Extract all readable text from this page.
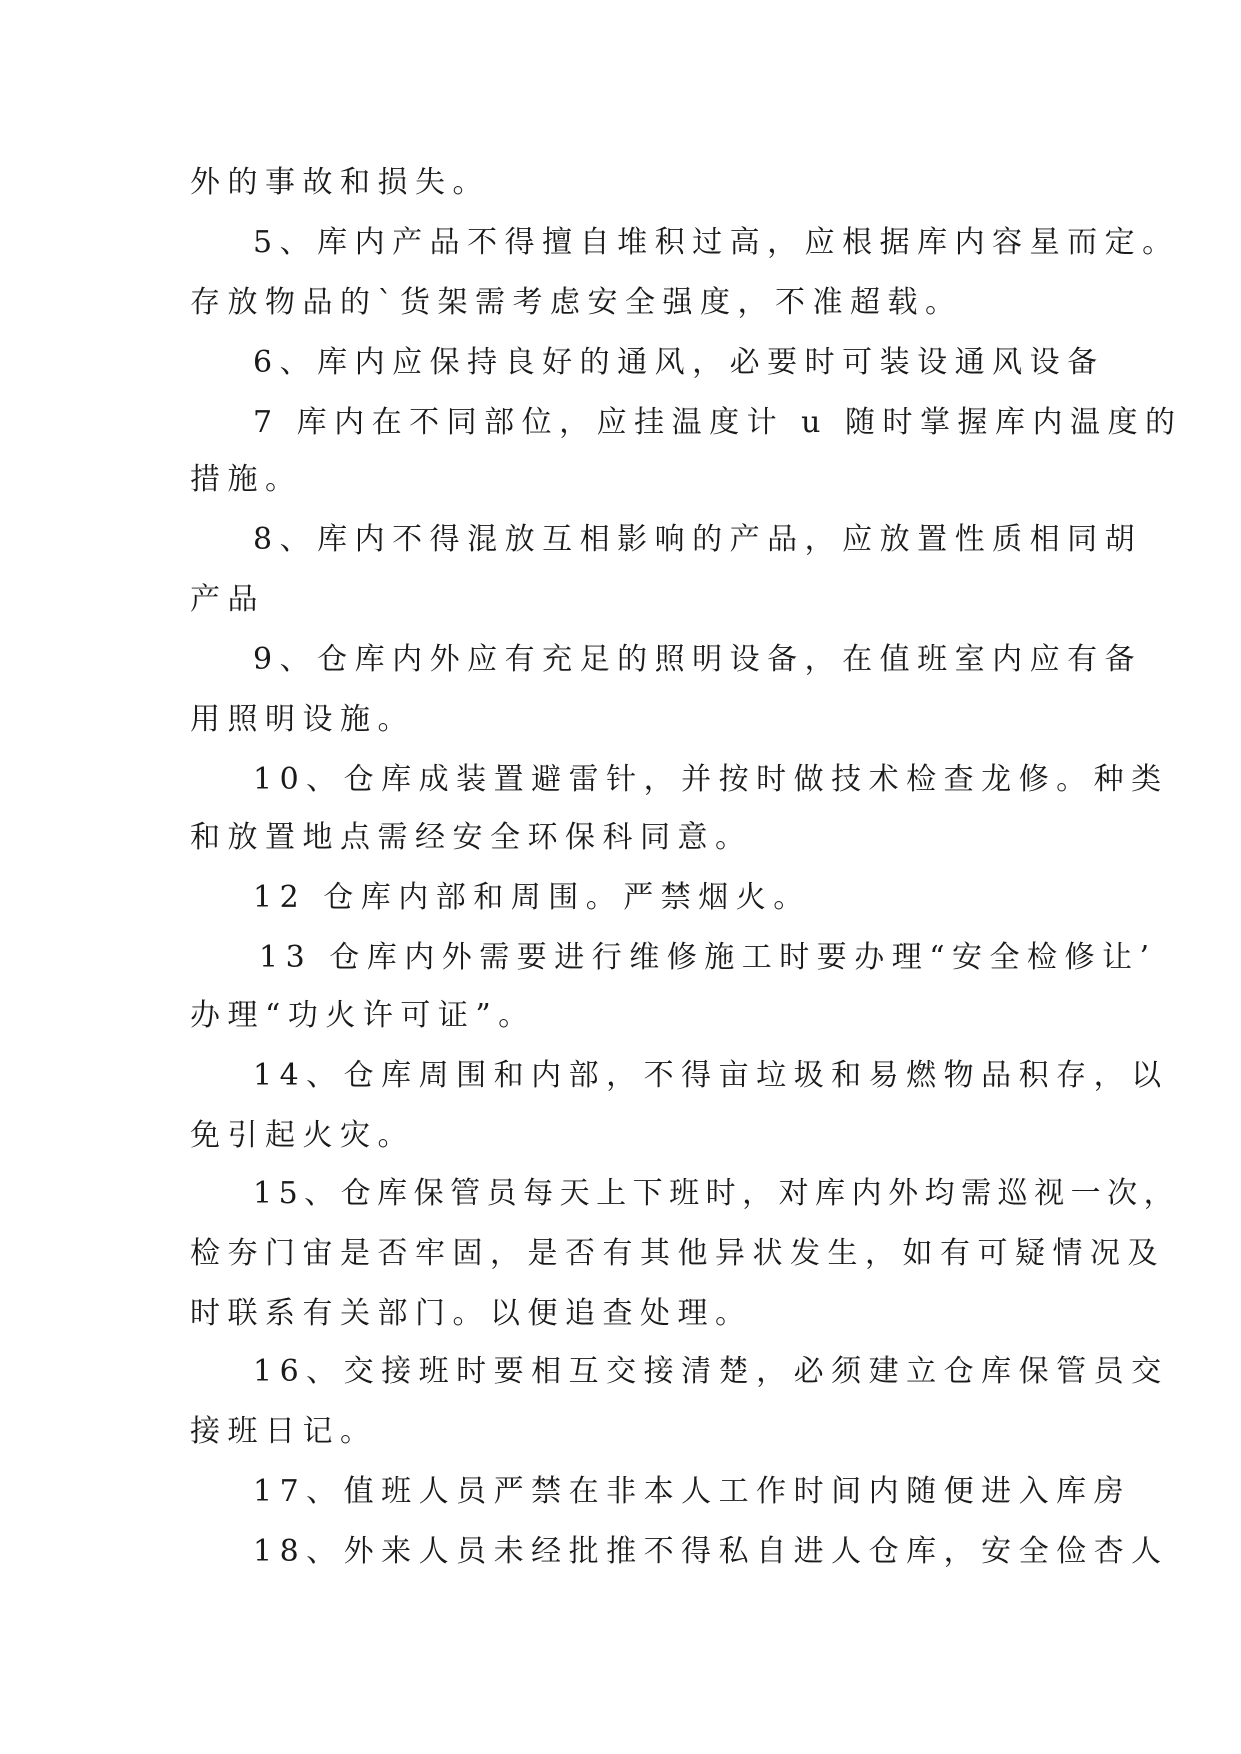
外的事故和损失。
5、库内产品不得擅自堆积过高，应根据库内容星而定。
存放物品的`货架需考虑安全强度，不准超载。
6、库内应保持良好的通风，必要时可装设通风设备
7 库内在不同部位，应挂温度计 u 随时掌握库内温度的
措施。
8、库内不得混放互相影响的产品，应放置性质相同胡
产品
9、仓库内外应有充足的照明设备，在值班室内应有备
用照明设施。
10、仓库成装置避雷针，并按时做技术检查龙修。种类
和放置地点需经安全环保科同意。
12 仓库内部和周围。严禁烟火。
13 仓库内外需要进行维修施工时要办理“安全检修让’
办理“功火许可证”。
14、仓库周围和内部，不得亩垃圾和易燃物品积存，以
免引起火灾。
15、仓库保管员每天上下班时，对库内外均需巡视一次，
检夯门宙是否牢固，是否有其他异状发生，如有可疑情况及
时联系有关部门。以便追查处理。
16、交接班时要相互交接清楚，必须建立仓库保管员交
接班日记。
17、值班人员严禁在非本人工作时间内随便进入库房
18、外来人员未经批推不得私自进人仓库，安全俭杏人
